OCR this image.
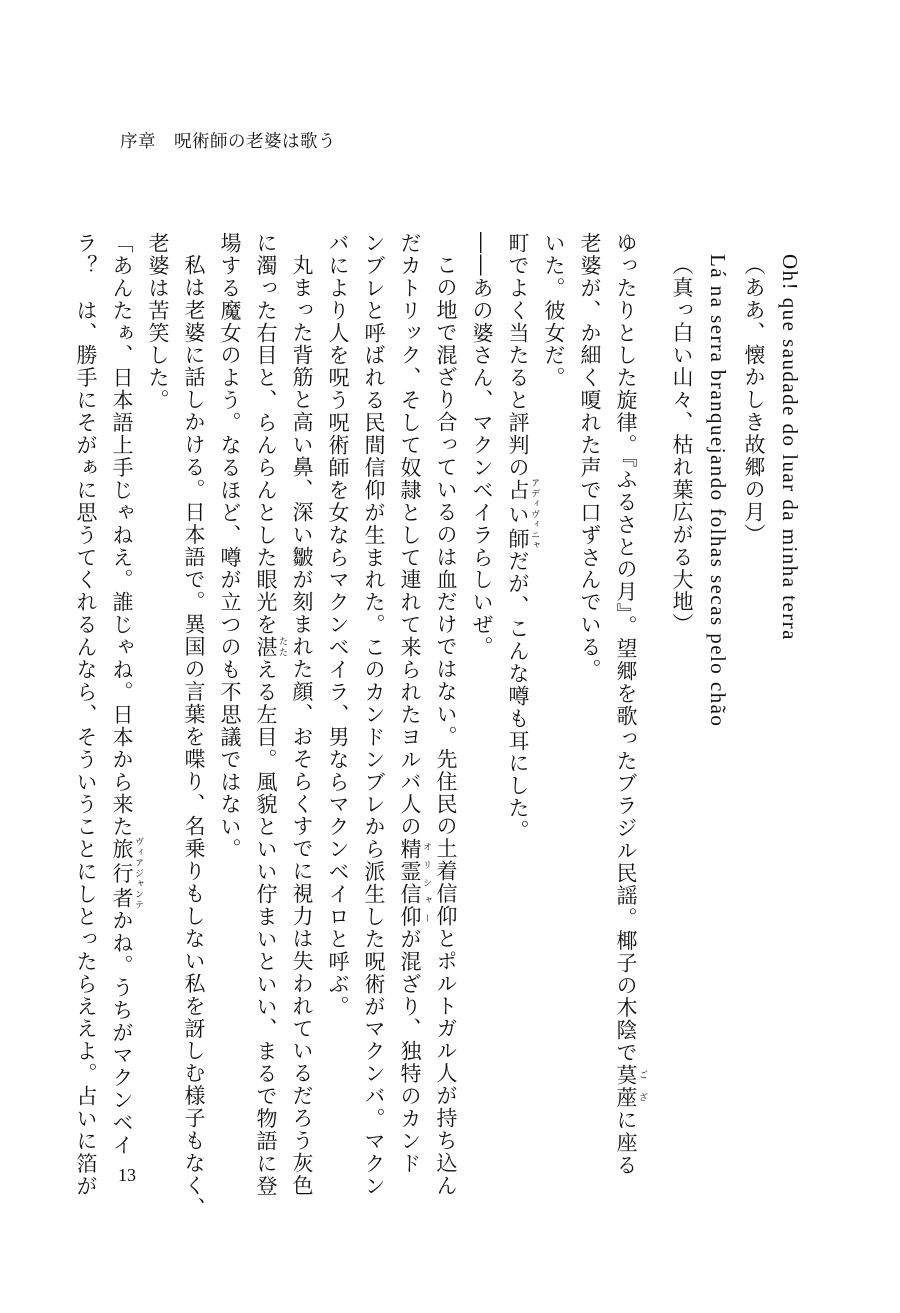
序章　呪術師の老婆は歌う
Oh! que saudade do luar da minha terra
（ああ、懐かしき故郷の月）
Lá na serra branquejando folhas secas pelo chão
（真っ白い山々、枯れ葉広がる大地）
ゆったりとした旋律。『ふるさとの月』。望郷を歌ったブラジル民謡。椰子の木陰で茣蓙 ござに座る
老婆が、か細く嗄れた声で口ずさんでいる。
いた。彼女だ。
町でよく当たると評判の占い師 アディヴィニャだが、こんな噂も耳にした。
――あの婆さん、マクンベイラらしいぜ。
この地で混ざり合っているのは血だけではない。先住民の土着信仰とポルトガル人が持ち込ん
だカトリック、そして奴隷として連れて来られたヨルバ人の精霊信仰 オリシャーが混ざり、独特のカンド
ンブレと呼ばれる民間信仰が生まれた。このカンドンブレから派生した呪術がマクンバ。マクン
バにより人を呪う呪術師を女ならマクンベイラ、男ならマクンベイロと呼ぶ。
丸まった背筋と高い鼻、深い皺が刻まれた顔、おそらくすでに視力は失われているだろう灰色
に濁った右目と、らんらんとした眼光を湛 たたえる左目。風貌といい佇まいといい、まるで物語に登
場する魔女のよう。なるほど、噂が立つのも不思議ではない。
私は老婆に話しかける。日本語で。異国の言葉を喋り、名乗りもしない私を訝しむ様子もなく、
老婆は苦笑した。
「あんたぁ、日本語上手じゃねえ。誰じゃね。日本から来た旅行者 ヴィアジャンテかね。うちがマクンベイ
ラ？　は、勝手にそがぁに思うてくれるんなら、そういうことにしとったらええよ。占いに箔が 13
